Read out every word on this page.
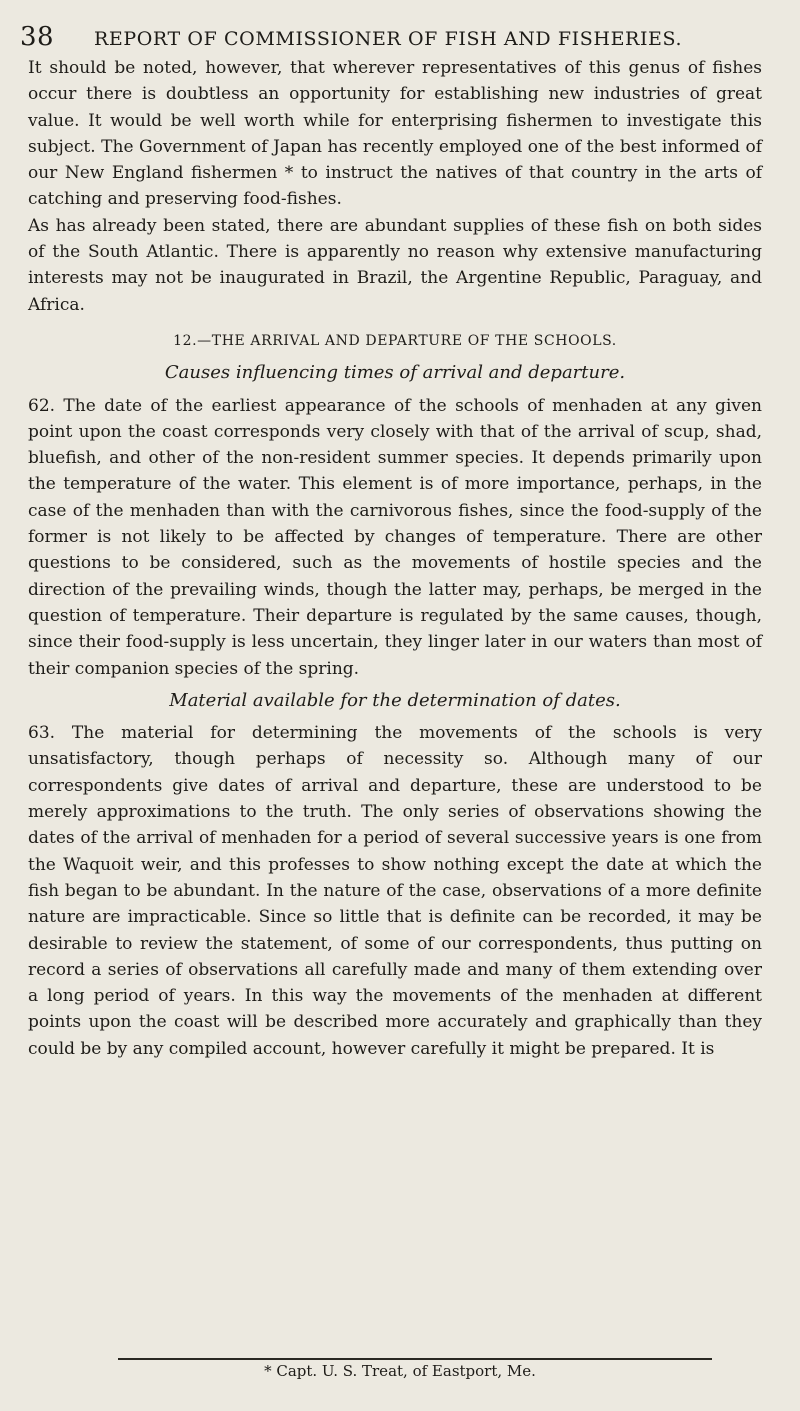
38 REPORT OF COMMISSIONER OF FISH AND FISHERIES.

It should be noted, however, that wherever representatives of this genus of fishes occur there is doubtless an opportunity for establishing new industries of great value. It would be well worth while for enterprising fishermen to investigate this subject. The Government of Japan has recently employed one of the best informed of our New England fishermen * to instruct the natives of that country in the arts of catching and preserving food-fishes.

As has already been stated, there are abundant supplies of these fish on both sides of the South Atlantic. There is apparently no reason why extensive manufacturing interests may not be inaugurated in Brazil, the Argentine Republic, Paraguay, and Africa.

12.—THE ARRIVAL AND DEPARTURE OF THE SCHOOLS.
Causes influencing times of arrival and departure.

62. The date of the earliest appearance of the schools of menhaden at any given point upon the coast corresponds very closely with that of the arrival of scup, shad, bluefish, and other of the non-resident summer species. It depends primarily upon the temperature of the water. This element is of more importance, perhaps, in the case of the menhaden than with the carnivorous fishes, since the food-supply of the former is not likely to be affected by changes of temperature. There are other questions to be considered, such as the movements of hostile species and the direction of the prevailing winds, though the latter may, perhaps, be merged in the question of temperature. Their departure is regulated by the same causes, though, since their food-supply is less uncertain, they linger later in our waters than most of their companion species of the spring.

Material available for the determination of dates.

63. The material for determining the movements of the schools is very unsatisfactory, though perhaps of necessity so. Although many of our correspondents give dates of arrival and departure, these are understood to be merely approximations to the truth. The only series of observations showing the dates of the arrival of menhaden for a period of several successive years is one from the Waquoit weir, and this professes to show nothing except the date at which the fish began to be abundant. In the nature of the case, observations of a more definite nature are impracticable. Since so little that is definite can be recorded, it may be desirable to review the statement, of some of our correspondents, thus putting on record a series of observations all carefully made and many of them extending over a long period of years. In this way the movements of the menhaden at different points upon the coast will be described more accurately and graphically than they could be by any compiled account, however carefully it might be prepared. It is

* Capt. U. S. Treat, of Eastport, Me.
